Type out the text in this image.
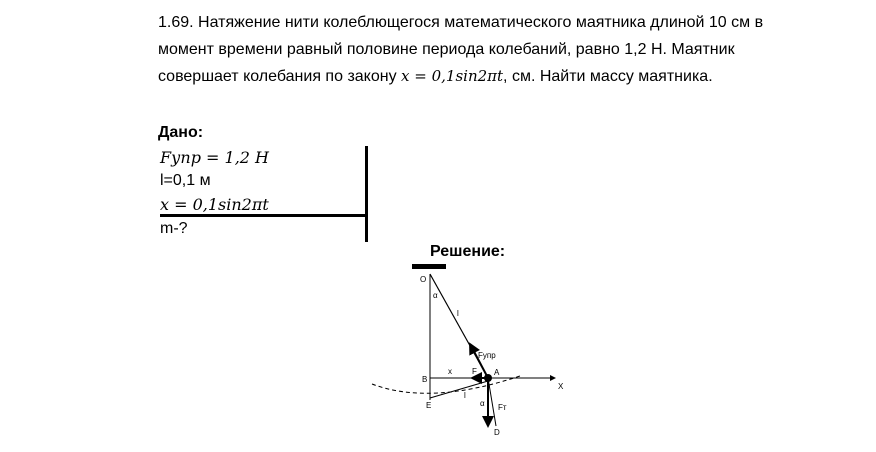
1.69. Натяжение нити колеблющегося математического маятника длиной 10 см в момент времени равный половине периода колебаний, равно 1,2 Н. Маятник совершает колебания по закону x = 0,1sin2πt, см. Найти массу маятника.
Дано:
Fупр = 1,2 Н
l=0,1 м
x = 0,1sin2πt
m-?
Решение:
O
α
l
Fупр
B
x	F A
X
E
l
α Fт
D
